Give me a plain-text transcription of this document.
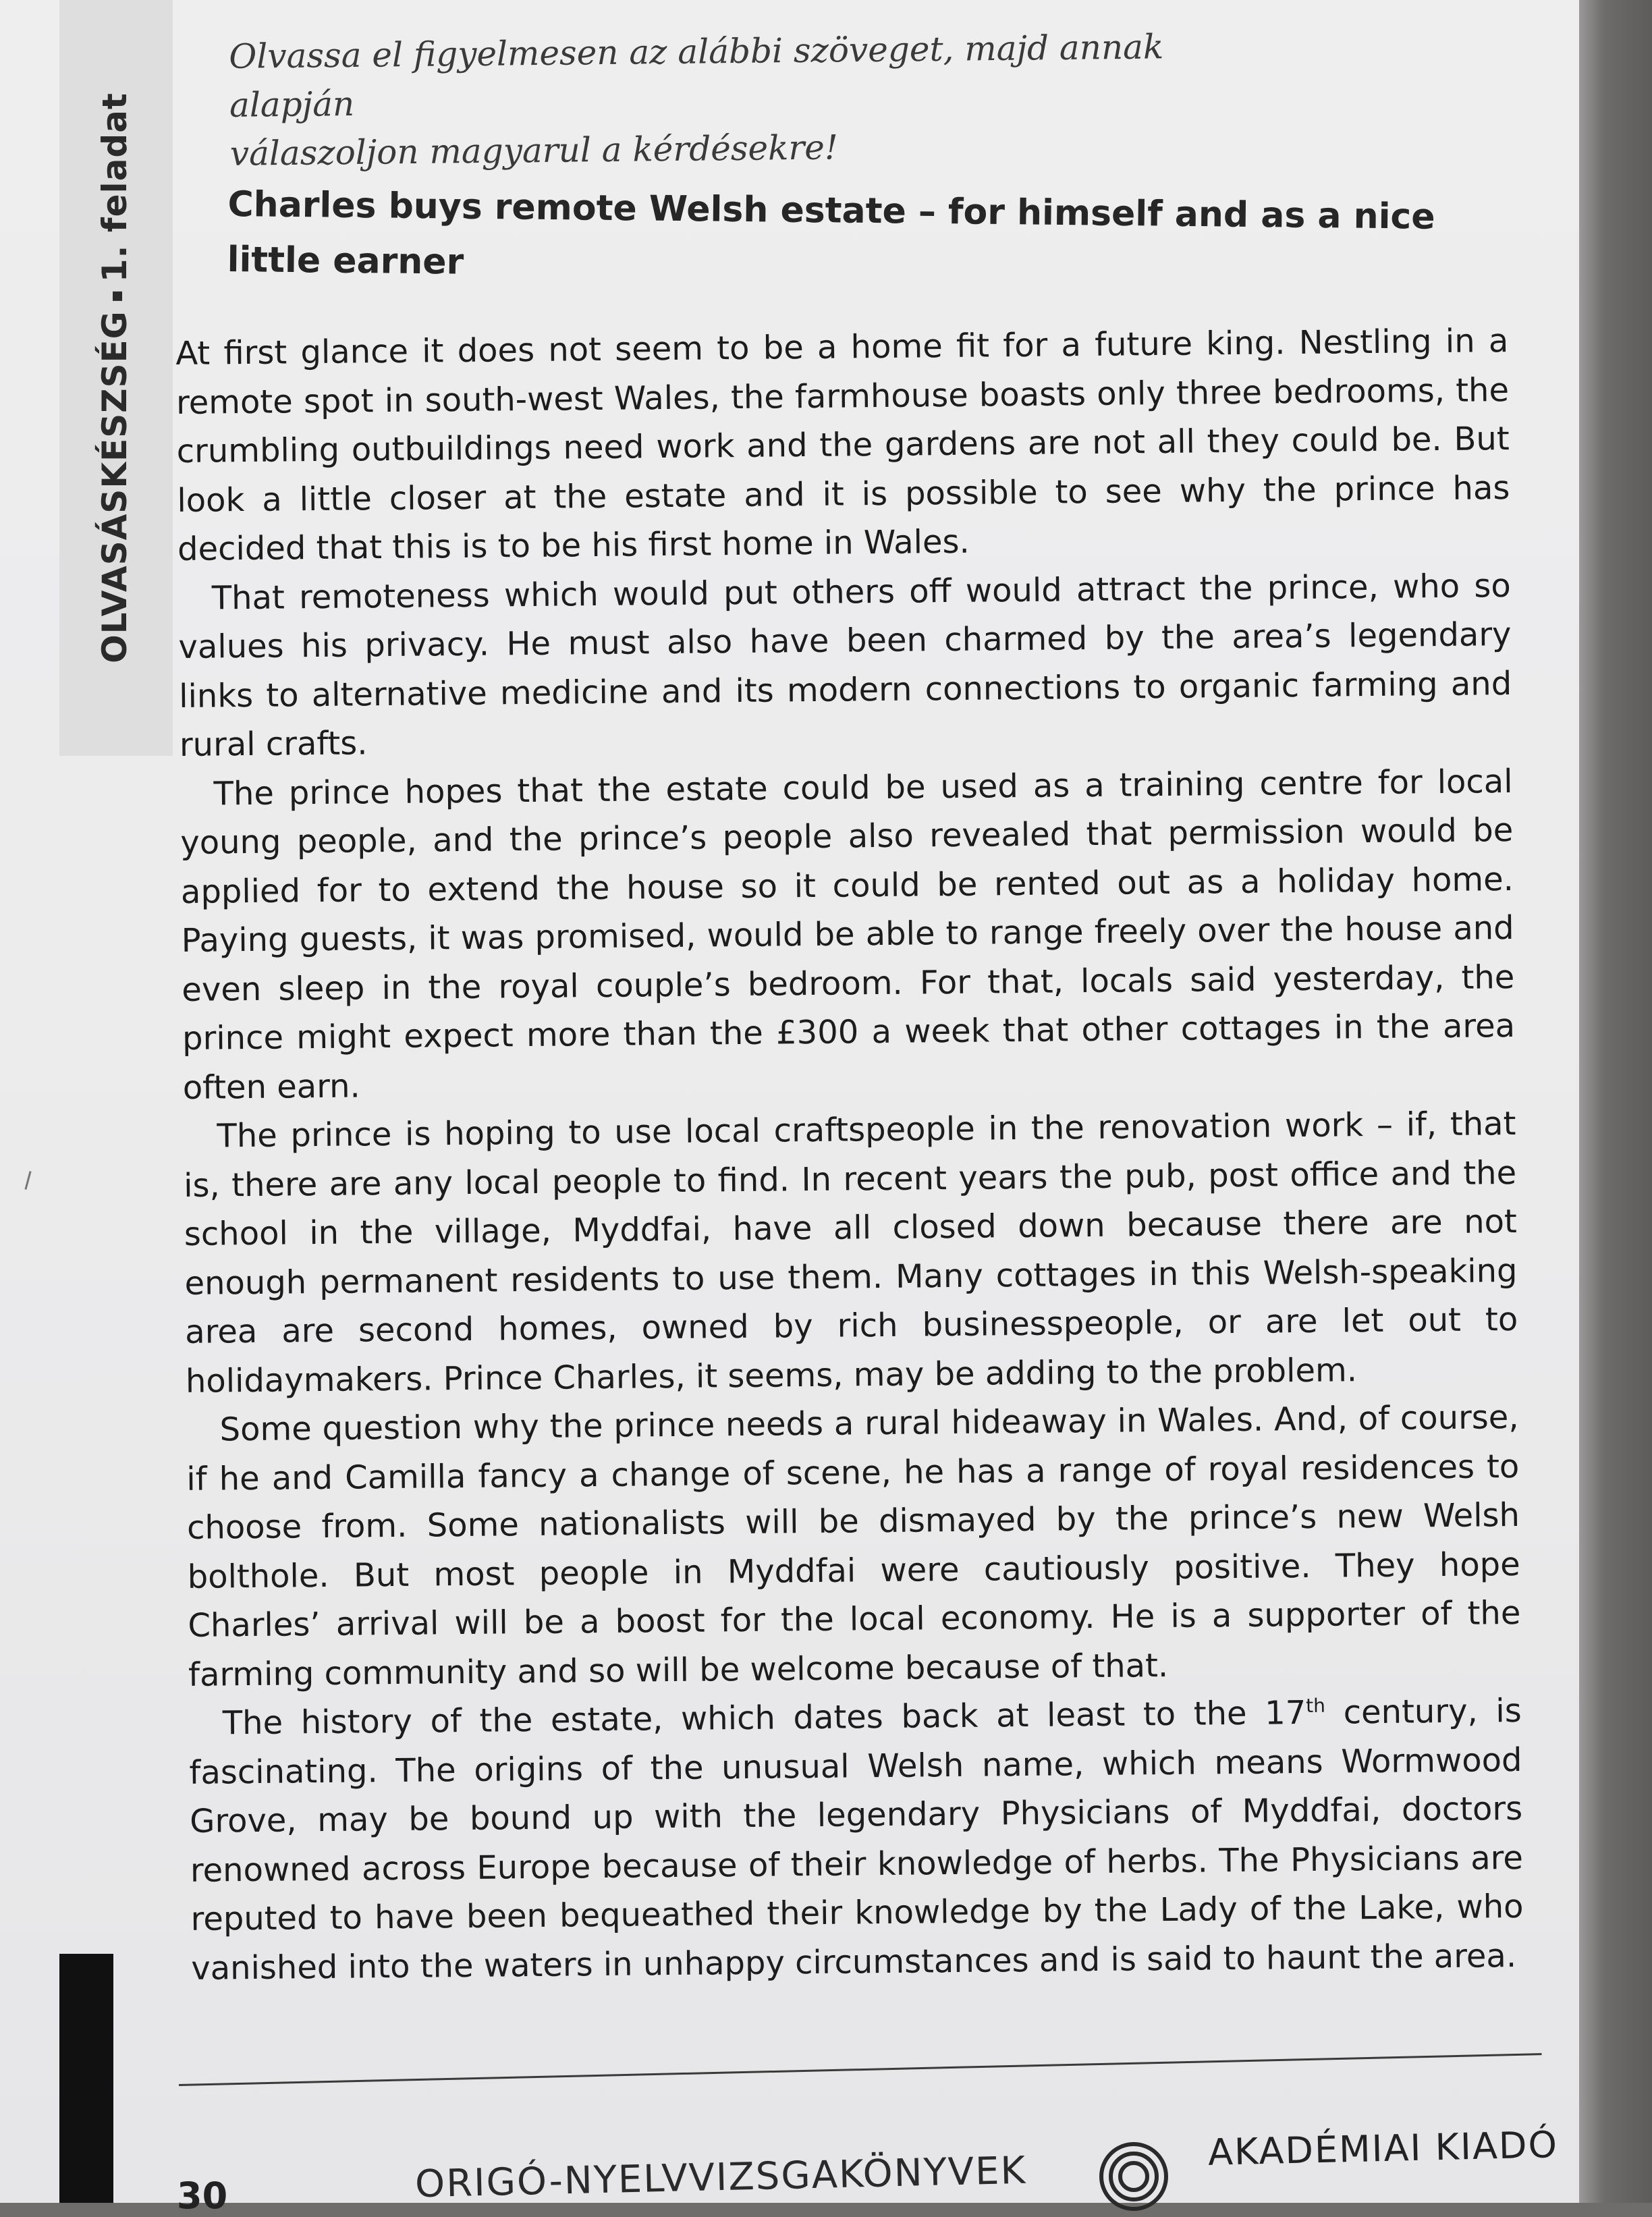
OLVASÁSKÉSZSÉG1. feladat

Olvassa el figyelmesen az alábbi szöveget, majd annak alapján

válaszoljon magyarul a kérdésekre!

Charles buys remote Welsh estate – for himself and as a nice little earner

At first glance it does not seem to be a home fit for a future king. Nestling in a remote spot in south-west Wales, the farmhouse boasts only three bedrooms, the crumbling outbuildings need work and the gardens are not all they could be. But look a little closer at the estate and it is possible to see why the prince has decided that this is to be his first home in Wales.

That remoteness which would put others off would attract the prince, who so values his privacy. He must also have been charmed by the area’s legendary links to alternative medicine and its modern connections to organic farming and rural crafts.

The prince hopes that the estate could be used as a training centre for local young people, and the prince’s people also revealed that permission would be applied for to extend the house so it could be rented out as a holiday home. Paying guests, it was promised, would be able to range freely over the house and even sleep in the royal couple’s bedroom. For that, locals said yesterday, the prince might expect more than the £300 a week that other cottages in the area often earn.

The prince is hoping to use local craftspeople in the renovation work – if, that is, there are any local people to find. In recent years the pub, post office and the school in the village, Myddfai, have all closed down because there are not enough permanent residents to use them. Many cottages in this Welsh-speaking area are second homes, owned by rich businesspeople, or are let out to holidaymakers. Prince Charles, it seems, may be adding to the problem.

Some question why the prince needs a rural hideaway in Wales. And, of course, if he and Camilla fancy a change of scene, he has a range of royal residences to choose from. Some nationalists will be dismayed by the prince’s new Welsh bolthole. But most people in Myddfai were cautiously positive. They hope Charles’ arrival will be a boost for the local economy. He is a supporter of the farming community and so will be welcome because of that.

The history of the estate, which dates back at least to the 17th century, is fascinating. The origins of the unusual Welsh name, which means Wormwood Grove, may be bound up with the legendary Physicians of Myddfai, doctors renowned across Europe because of their knowledge of herbs. The Physicians are reputed to have been bequeathed their knowledge by the Lady of the Lake, who vanished into the waters in unhappy circumstances and is said to haunt the area.

30	ORIGÓ-NYELVVIZSGAKÖNYVEK
AKADÉMIAI KIADÓ
